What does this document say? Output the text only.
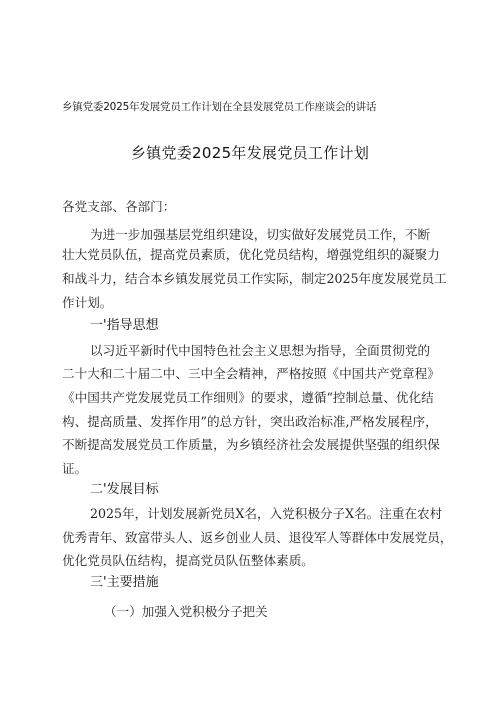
乡镇党委2025年发展党员工作计划在全县发展党员工作座谈会的讲话
乡镇党委2025年发展党员工作计划
各党支部、各部门：
为进一步加强基层党组织建设，切实做好发展党员工作，不断
壮大党员队伍，提高党员素质，优化党员结构，增强党组织的凝聚力
和战斗力，结合本乡镇发展党员工作实际，制定2025年度发展党员工
作计划。
一'指导思想
以习近平新时代中国特色社会主义思想为指导，全面贯彻党的
二十大和二十届二中、三中全会精神，严格按照《中国共产党章程》
《中国共产党发展党员工作细则》的要求，遵循“控制总量、优化结
构、提高质量、发挥作用”的总方针，突出政治标准,严格发展程序，
不断提高发展党员工作质量，为乡镇经济社会发展提供坚强的组织保
证。
二'发展目标
2025年，计划发展新党员X名，入党积极分子X名。注重在农村
优秀青年、致富带头人、返乡创业人员、退役军人等群体中发展党员，
优化党员队伍结构，提高党员队伍整体素质。
三'主要措施
（一）加强入党积极分子把关
